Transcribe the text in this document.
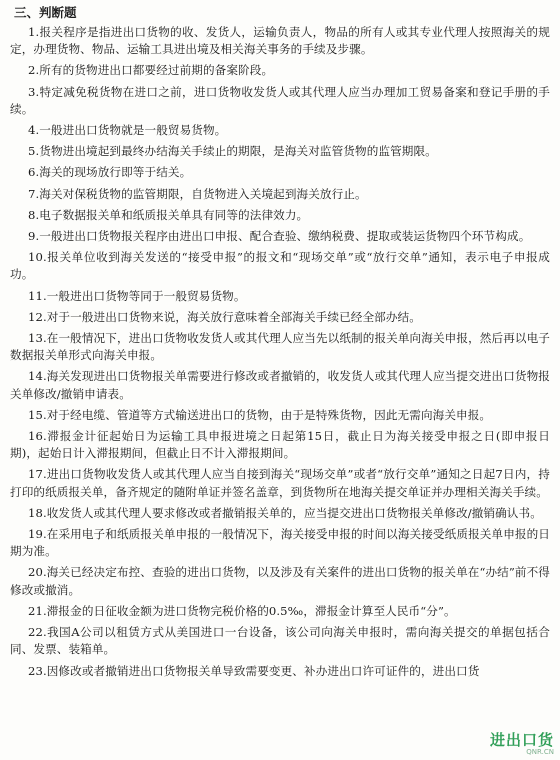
三、判断题
1.报关程序是指进出口货物的收、发货人，运输负责人，物品的所有人或其专业代理人按照海关的规定，办理货物、物品、运输工具进出境及相关海关事务的手续及步骤。
2.所有的货物进出口都要经过前期的备案阶段。
3.特定减免税货物在进口之前，进口货物收发货人或其代理人应当办理加工贸易备案和登记手册的手续。
4.一般进出口货物就是一般贸易货物。
5.货物进出境起到最终办结海关手续止的期限，是海关对监管货物的监管期限。
6.海关的现场放行即等于结关。
7.海关对保税货物的监管期限，自货物进入关境起到海关放行止。
8.电子数据报关单和纸质报关单具有同等的法律效力。
9.一般进出口货物报关程序由进出口申报、配合查验、缴纳税费、提取或装运货物四个环节构成。
10.报关单位收到海关发送的“接受申报”的报文和“现场交单”或“放行交单”通知，表示电子申报成功。
11.一般进出口货物等同于一般贸易货物。
12.对于一般进出口货物来说，海关放行意味着全部海关手续已经全部办结。
13.在一般情况下，进出口货物收发货人或其代理人应当先以纸制的报关单向海关申报，然后再以电子数据报关单形式向海关申报。
14.海关发现进出口货物报关单需要进行修改或者撤销的，收发货人或其代理人应当提交进出口货物报关单修改/撤销申请表。
15.对于经电缆、管道等方式输送进出口的货物，由于是特殊货物，因此无需向海关申报。
16.滞报金计征起始日为运输工具申报进境之日起第15日，截止日为海关接受申报之日(即申报日期)，起始日计入滞报期间，但截止日不计入滞报期间。
17.进出口货物收发货人或其代理人应当自接到海关“现场交单”或者“放行交单”通知之日起7日内，持打印的纸质报关单，备齐规定的随附单证并签名盖章，到货物所在地海关提交单证并办理相关海关手续。
18.收发货人或其代理人要求修改或者撤销报关单的，应当提交进出口货物报关单修改/撤销确认书。
19.在采用电子和纸质报关单申报的一般情况下，海关接受申报的时间以海关接受纸质报关单申报的日期为准。
20.海关已经决定布控、查验的进出口货物，以及涉及有关案件的进出口货物的报关单在“办结”前不得修改或撤消。
21.滞报金的日征收金额为进口货物完税价格的0.5‰，滞报金计算至人民币“分”。
22.我国A公司以租赁方式从美国进口一台设备，该公司向海关申报时，需向海关提交的单据包括合同、发票、装箱单。
23.因修改或者撤销进出口货物报关单导致需要变更、补办进出口许可证件的，进出口货
进出口货
QNR.CN
